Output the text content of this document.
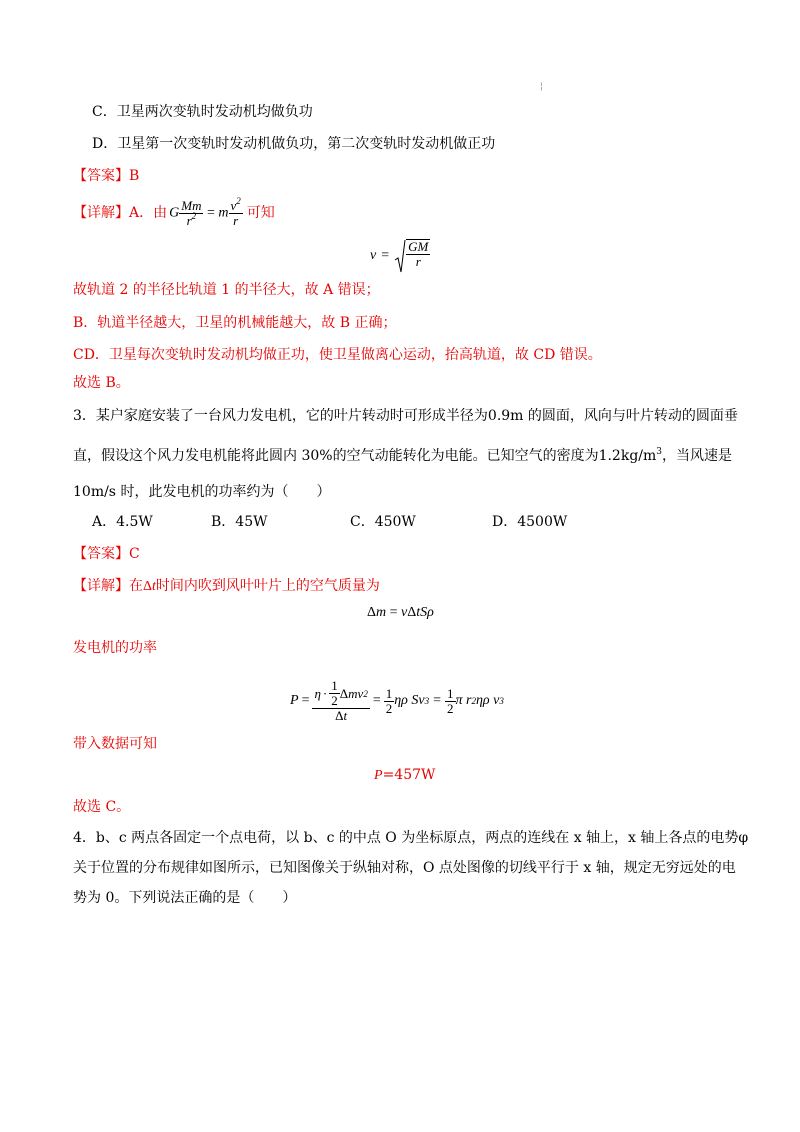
¦
C．卫星两次变轨时发动机均做负功
D．卫星第一次变轨时发动机做负功，第二次变轨时发动机做正功
【答案】B
【详解】 A．由 G $\frac{Mm}{r^2} = m \frac{v^2}{r}$ 可知
$v = \frac{GM}{r}$
故轨道 2 的半径比轨道 1 的半径大，故 A 错误；
B．轨道半径越大，卫星的机械能越大，故 B 正确；
CD．卫星每次变轨时发动机均做正功，使卫星做离心运动，抬高轨道，故 CD 错误。
故选 B。
3．某户家庭安装了一台风力发电机，它的叶片转动时可形成半径为0.9m 的圆面，风向与叶片转动的圆面垂
直，假设这个风力发电机能将此圆内 30%的空气动能转化为电能。已知空气的密度为$1.2kg/m^3$，当风速是
10m/s 时，此发电机的功率约为（　　）
A．4.5W	B．45W	C．450W	D．4500W
【答案】C
【详解】在Δt时间内吹到风叶叶片上的空气质量为
Δm = vΔtSρ
发电机的功率
$P = \frac{\eta \cdot \frac{1}{2} \Delta mv 2}{\Delta t} = \frac{1}{2}$ ηρ Sv $3 = \frac{1}{2}$ π r 2 ηρ v 3
带入数据可知
P=457W
故选 C。
4．b、c 两点各固定一个点电荷，以 b、c 的中点 O 为坐标原点，两点的连线在 x 轴上，x 轴上各点的电势φ
关于位置的分布规律如图所示，已知图像关于纵轴对称，O 点处图像的切线平行于 x 轴，规定无穷远处的电
势为 0。下列说法正确的是（　　）
